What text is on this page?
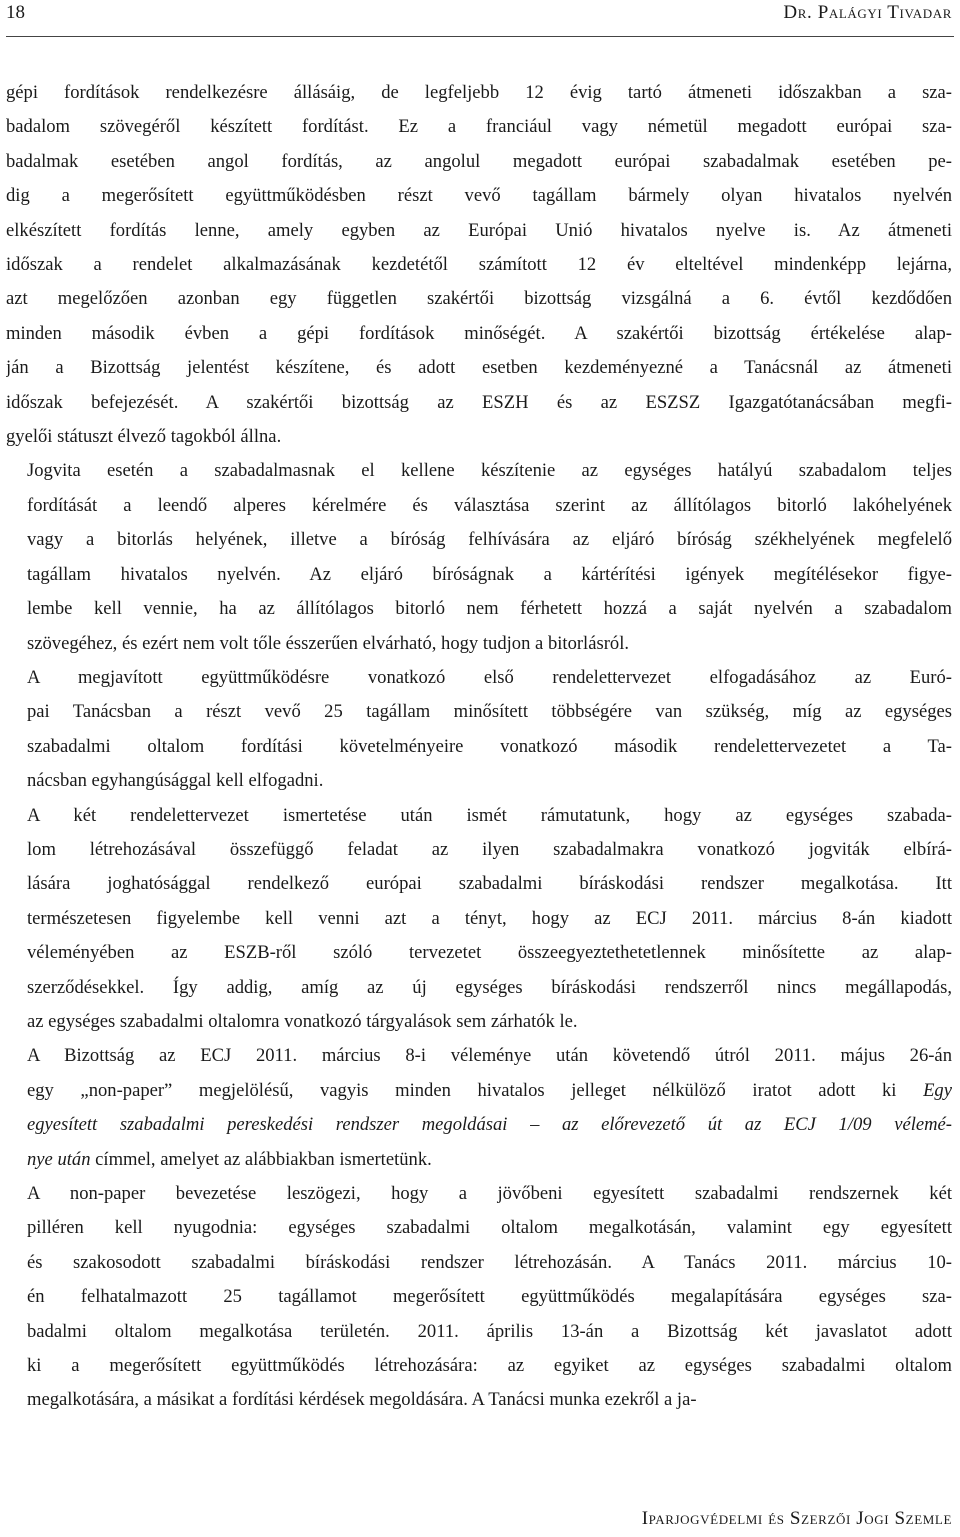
18	Dr. Palágyi Tivadar

gépi fordítások rendelkezésre állásáig, de legfeljebb 12 évig tartó átmeneti időszakban a sza-
badalom szövegéről készített fordítást. Ez a franciául vagy németül megadott európai sza-
badalmak esetében angol fordítás, az angolul megadott európai szabadalmak esetében pe-
dig a megerősített együttműködésben részt vevő tagállam bármely olyan hivatalos nyelvén
elkészített fordítás lenne, amely egyben az Európai Unió hivatalos nyelve is. Az átmeneti
időszak a rendelet alkalmazásának kezdetétől számított 12 év elteltével mindenképp lejárna,
azt megelőzően azonban egy független szakértői bizottság vizsgálná a 6. évtől kezdődően
minden második évben a gépi fordítások minőségét. A szakértői bizottság értékelése alap-
ján a Bizottság jelentést készítene, és adott esetben kezdeményezné a Tanácsnál az átmeneti
időszak befejezését. A szakértői bizottság az ESZH és az ESZSZ Igazgatótanácsában megfi-
gyelői státuszt élvező tagokból állna.

Jogvita esetén a szabadalmasnak el kellene készítenie az egységes hatályú szabadalom teljes
fordítását a leendő alperes kérelmére és választása szerint az állítólagos bitorló lakóhelyének
vagy a bitorlás helyének, illetve a bíróság felhívására az eljáró bíróság székhelyének megfelelő
tagállam hivatalos nyelvén. Az eljáró bíróságnak a kártérítési igények megítélésekor figye-
lembe kell vennie, ha az állítólagos bitorló nem férhetett hozzá a saját nyelvén a szabadalom
szövegéhez, és ezért nem volt tőle ésszerűen elvárható, hogy tudjon a bitorlásról.

A megjavított együttműködésre vonatkozó első rendelettervezet elfogadásához az Euró-
pai Tanácsban a részt vevő 25 tagállam minősített többségére van szükség, míg az egységes
szabadalmi oltalom fordítási követelményeire vonatkozó második rendelettervezetet a Ta-
nácsban egyhangúsággal kell elfogadni.

A két rendelettervezet ismertetése után ismét rámutatunk, hogy az egységes szabada-
lom létrehozásával összefüggő feladat az ilyen szabadalmakra vonatkozó jogviták elbírá-
lására joghatósággal rendelkező európai szabadalmi bíráskodási rendszer megalkotása. Itt
természetesen figyelembe kell venni azt a tényt, hogy az ECJ 2011. március 8-án kiadott
véleményében az ESZB-ről szóló tervezetet összeegyeztethetetlennek minősítette az alap-
szerződésekkel. Így addig, amíg az új egységes bíráskodási rendszerről nincs megállapodás,
az egységes szabadalmi oltalomra vonatkozó tárgyalások sem zárhatók le.

A Bizottság az ECJ 2011. március 8-i véleménye után követendő útról 2011. május 26-án
egy „non-paper” megjelölésű, vagyis minden hivatalos jelleget nélkülöző iratot adott ki Egy
egyesített szabadalmi pereskedési rendszer megoldásai – az előrevezető út az ECJ 1/09 vélemé-
nye után címmel, amelyet az alábbiakban ismertetünk.

A non-paper bevezetése leszögezi, hogy a jövőbeni egyesített szabadalmi rendszernek két
pilléren kell nyugodnia: egységes szabadalmi oltalom megalkotásán, valamint egy egyesített
és szakosodott szabadalmi bíráskodási rendszer létrehozásán. A Tanács 2011. március 10-
én felhatalmazott 25 tagállamot megerősített együttműködés megalapítására egységes sza-
badalmi oltalom megalkotása területén. 2011. április 13-án a Bizottság két javaslatot adott
ki a megerősített együttműködés létrehozására: az egyiket az egységes szabadalmi oltalom
megalkotására, a másikat a fordítási kérdések megoldására. A Tanácsi munka ezekről a ja-

Iparjogvédelmi és Szerzői Jogi Szemle
